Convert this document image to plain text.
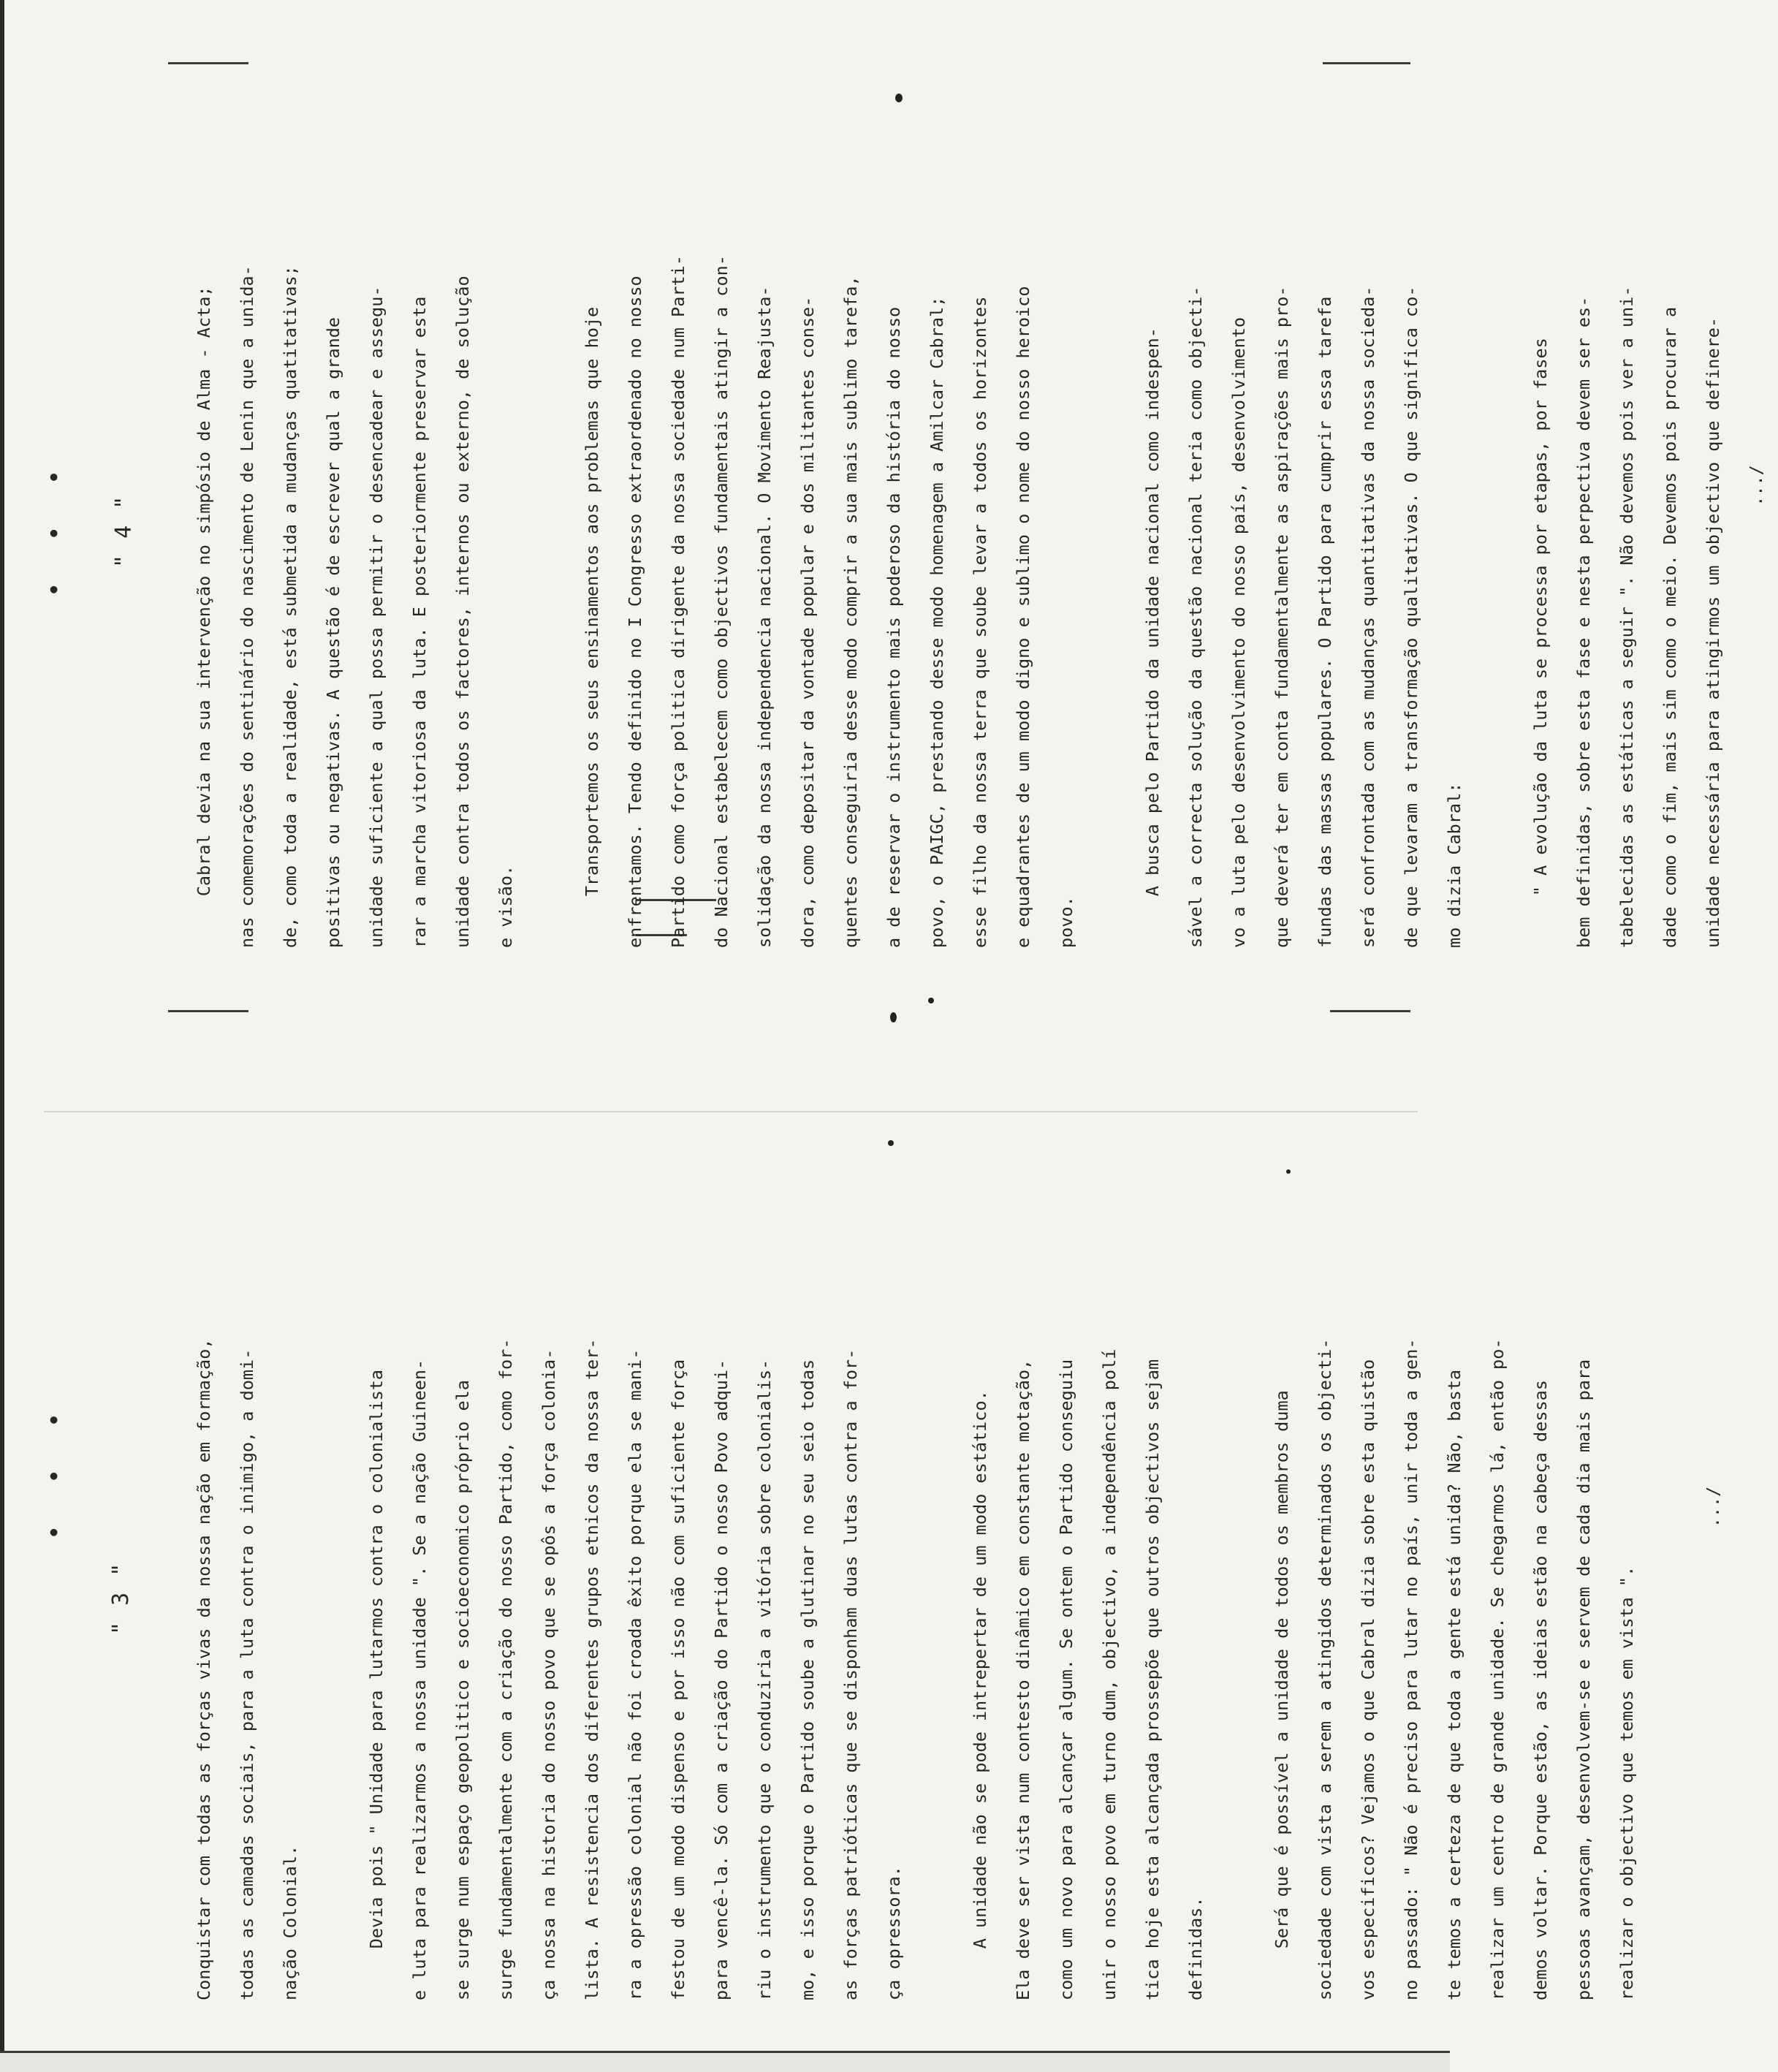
• • •
" 3 "	Conquistar com todas as forças vivas da nossa nação em formação,	todas as camadas sociais, para a luta contra o inimigo, a domi-	nação Colonial.	Devia pois " Unidade para lutarmos contra o colonialista	e luta para realizarmos a nossa unidade ". Se a nação Guineen-	se surge num espaço geopolitico e socioeconomico próprio ela	surge fundamentalmente com a criação do nosso Partido, como for-	ça nossa na historia do nosso povo que se opôs a força colonia-	lista. A resistencia dos diferentes grupos etnicos da nossa ter-	ra a opressão colonial não foi croada êxito porque ela se mani-	festou de um modo dispenso e por isso não com suficiente força	para vencê-la. Só com a criação do Partido o nosso Povo adqui-	riu o instrumento que o conduziria a vitória sobre colonialis-	mo, e isso porque o Partido soube a glutinar no seu seio todas	as forças patrióticas que se disponham duas lutas contra a for-	ça opressora.	A unidade não se pode intrepertar de um modo estático.	Ela deve ser vista num contesto dinâmico em constante motação,	como um novo para alcançar algum. Se ontem o Partido conseguiu	unir o nosso povo em turno dum, objectivo, a independência polí	tica hoje esta alcançada prossepõe que outros objectivos sejam	definidas.	Será que é possível a unidade de todos os membros duma	sociedade com vista a serem a atingidos determinados os objecti-	vos especificos? Vejamos o que Cabral dizia sobre esta quistão	no passado: " Não é preciso para lutar no país, unir toda a gen-	te temos a certeza de que toda a gente está unida? Não, basta	realizar um centro de grande unidade. Se chegarmos lá, então po-	demos voltar. Porque estão, as ideias estão na cabeça dessas	pessoas avançam, desenvolvem-se e servem de cada dia mais para	realizar o objectivo que temos em vista ".
.../
• • • " 4 "	Cabral devia na sua intervenção no simpósio de Alma - Acta;	nas comemorações do sentinário do nascimento de Lenin que a unida-	de, como toda a realidade, está submetida a mudanças quatitativas;	positivas ou negativas. A questão é de escrever qual a grande	unidade suficiente a qual possa permitir o desencadear e assegu-	rar a marcha vitoriosa da luta. E posteriormente preservar esta	unidade contra todos os factores, internos ou externo, de solução	e visão.	Transportemos os seus ensinamentos aos problemas que hoje	enfrentamos. Tendo definido no I Congresso extraordenado no nosso	Partido como força politica dirigente da nossa sociedade num Parti-	do Nacional estabelecem como objectivos fundamentais atingir a con-	solidação da nossa independencia nacional. O Movimento Reajusta-	dora, como depositar da vontade popular e dos militantes conse-	quentes conseguiria desse modo comprir a sua mais sublimo tarefa,	a de reservar o instrumento mais poderoso da história do nosso	povo, o PAIGC, prestando desse modo homenagem a Amilcar Cabral;	esse filho da nossa terra que soube levar a todos os horizontes	e equadrantes de um modo digno e sublimo o nome do nosso heroico	povo.	A busca pelo Partido da unidade nacional como indespen-	sável a correcta solução da questão nacional teria como objecti-	vo a luta pelo desenvolvimento do nosso país, desenvolvimento	que deverá ter em conta fundamentalmente as aspirações mais pro-	fundas das massas populares. O Partido para cumprir essa tarefa	será confrontada com as mudanças quantitativas da nossa socieda-	de que levaram a transformação qualitativas. O que significa co-	mo dizia Cabral:	" A evolução da luta se processa por etapas, por fases	bem definidas, sobre esta fase e nesta perpectiva devem ser es-	tabelecidas as estáticas a seguir ". Não devemos pois ver a uni-	dade como o fim, mais sim como o meio. Devemos pois procurar a	unidade necessária para atingirmos um objectivo que definere-	.../
